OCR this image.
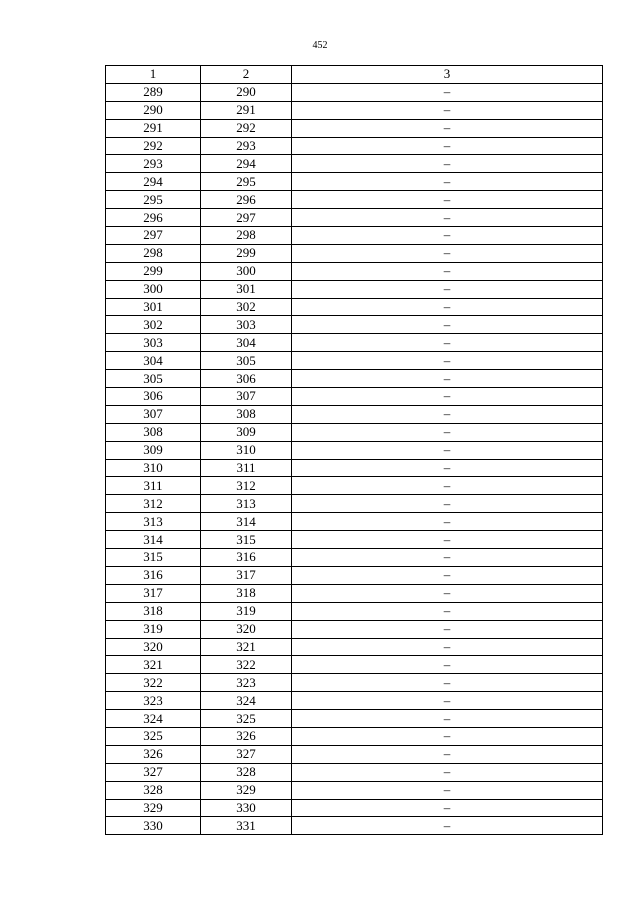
452
1	2	3
289	290	–
290	291	–
291	292	–
292	293	–
293	294	–
294	295	–
295	296	–
296	297	–
297	298	–
298	299	–
299	300	–
300	301	–
301	302	–
302	303	–
303	304	–
304	305	–
305	306	–
306	307	–
307	308	–
308	309	–
309	310	–
310	311	–
311	312	–
312	313	–
313	314	–
314	315	–
315	316	–
316	317	–
317	318	–
318	319	–
319	320	–
320	321	–
321	322	–
322	323	–
323	324	–
324	325	–
325	326	–
326	327	–
327	328	–
328	329	–
329	330	–
330	331	–
